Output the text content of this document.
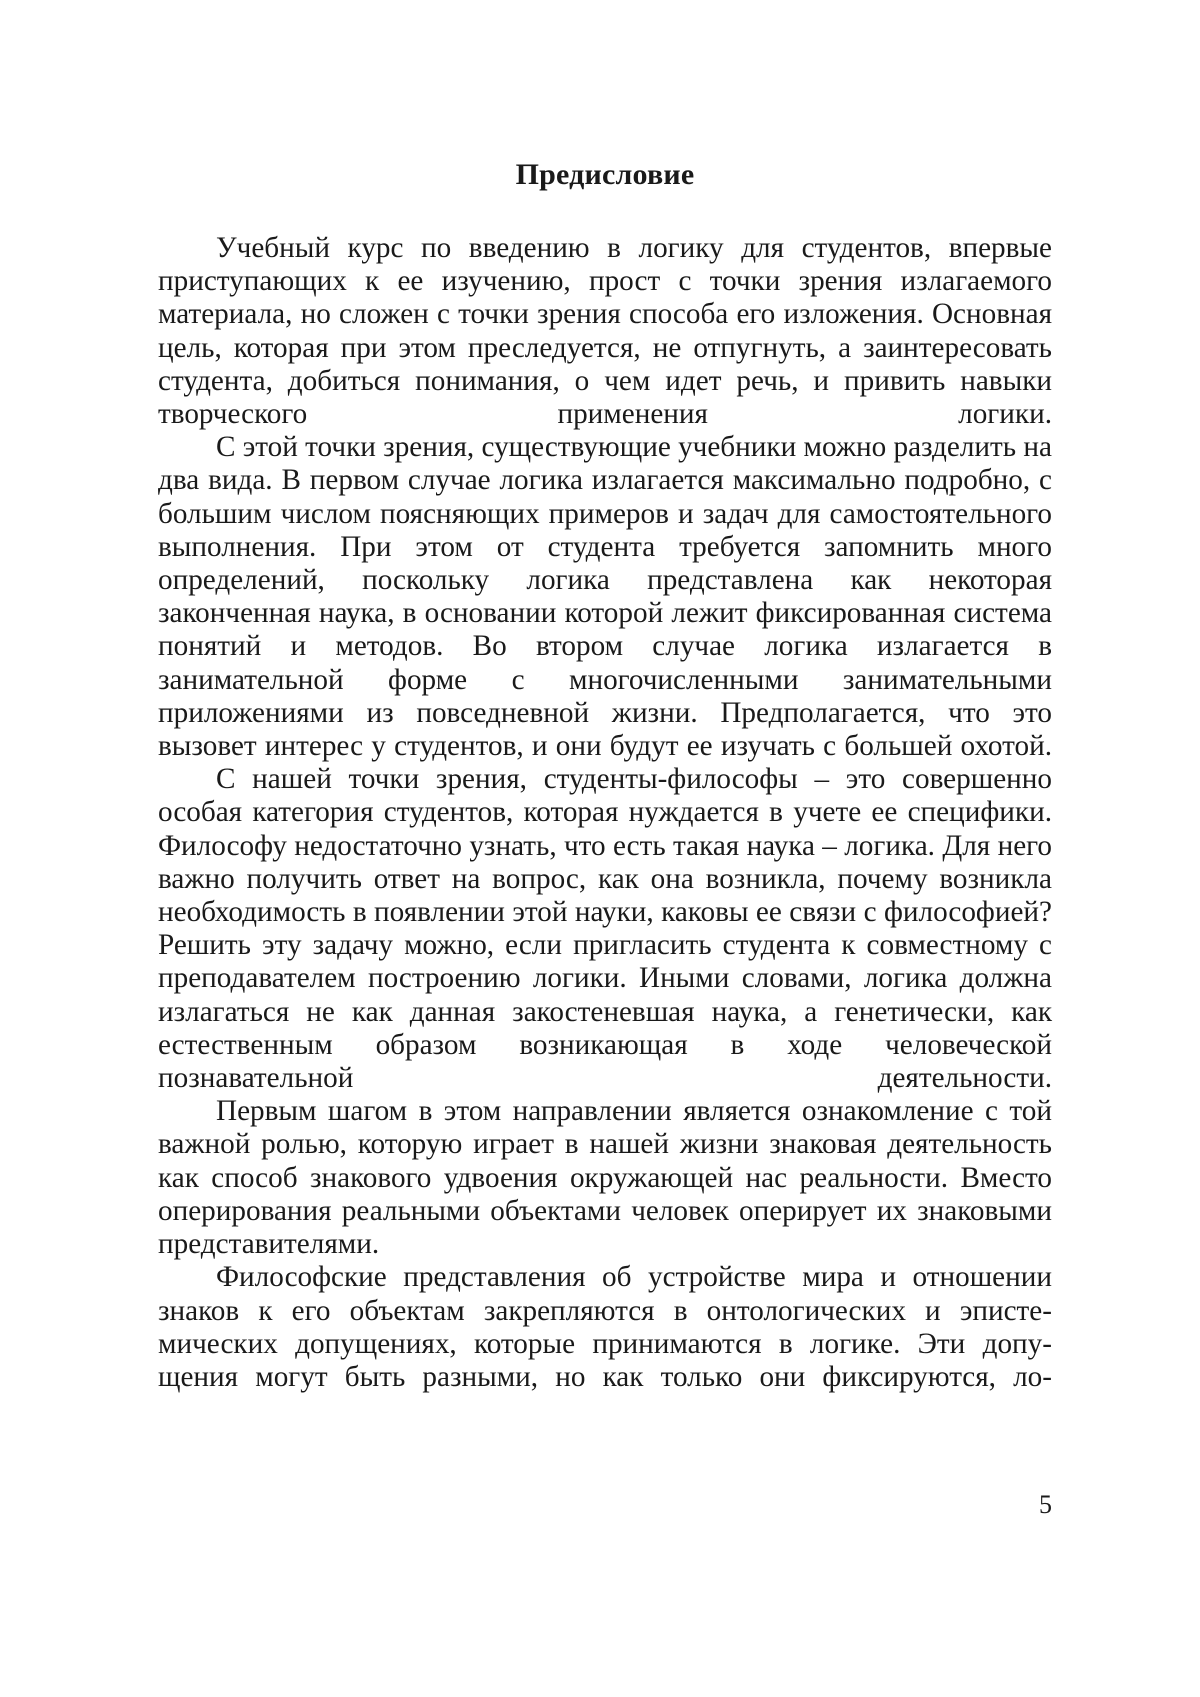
Предисловие

Учебный курс по введению в логику для студентов, впервые приступающих к ее изучению, прост с точки зрения излагаемого материала, но сложен с точки зрения способа его изложения. Основная цель, которая при этом преследуется, не отпугнуть, а заинтересовать студента, добиться понимания, о чем идет речь, и привить навыки творческого применения логики.

С этой точки зрения, существующие учебники можно разделить на два вида. В первом случае логика излагается максимально подробно, с большим числом поясняющих примеров и задач для самостоятельного выполнения. При этом от студента требуется запомнить много определений, поскольку логика представлена как некоторая законченная наука, в основании которой лежит фиксированная система понятий и методов. Во втором случае логика излагается в занимательной форме с многочисленными занимательными приложениями из повседневной жизни. Предполагается, что это вызовет интерес у студентов, и они будут ее изучать с большей охотой.

С нашей точки зрения, студенты-философы – это совершенно особая категория студентов, которая нуждается в учете ее специфики. Философу недостаточно узнать, что есть такая наука – логика. Для него важно получить ответ на вопрос, как она возникла, почему возникла необходимость в появлении этой науки, каковы ее связи с философией? Решить эту задачу можно, если пригласить студента к совместному с преподавателем построению логики. Иными словами, логика должна излагаться не как данная закостеневшая наука, а генетически, как естественным образом возникающая в ходе человеческой познавательной деятельности.

Первым шагом в этом направлении является ознакомление с той важной ролью, которую играет в нашей жизни знаковая деятельность как способ знакового удвоения окружающей нас реальности. Вместо оперирования реальными объектами человек оперирует их знаковыми представителями.

Философские представления об устройстве мира и отношении знаков к его объектам закрепляются в онтологических и эпистемических допущениях, которые принимаются в логике. Эти допущения могут быть разными, но как только они фиксируются, ло-

5
